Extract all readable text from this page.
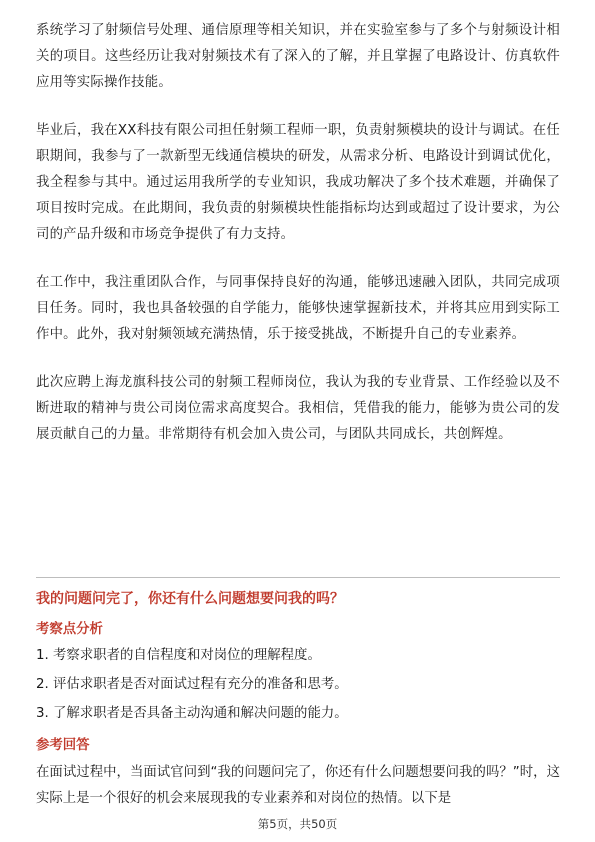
系统学习了射频信号处理、通信原理等相关知识，并在实验室参与了多个与射频设计相关的项目。这些经历让我对射频技术有了深入的了解，并且掌握了电路设计、仿真软件应用等实际操作技能。

毕业后，我在XX科技有限公司担任射频工程师一职，负责射频模块的设计与调试。在任职期间，我参与了一款新型无线通信模块的研发，从需求分析、电路设计到调试优化，我全程参与其中。通过运用我所学的专业知识，我成功解决了多个技术难题，并确保了项目按时完成。在此期间，我负责的射频模块性能指标均达到或超过了设计要求，为公司的产品升级和市场竞争提供了有力支持。

在工作中，我注重团队合作，与同事保持良好的沟通，能够迅速融入团队，共同完成项目任务。同时，我也具备较强的自学能力，能够快速掌握新技术，并将其应用到实际工作中。此外，我对射频领域充满热情，乐于接受挑战，不断提升自己的专业素养。

此次应聘上海龙旗科技公司的射频工程师岗位，我认为我的专业背景、工作经验以及不断进取的精神与贵公司岗位需求高度契合。我相信，凭借我的能力，能够为贵公司的发展贡献自己的力量。非常期待有机会加入贵公司，与团队共同成长，共创辉煌。

我的问题问完了，你还有什么问题想要问我的吗？
考察点分析
1. 考察求职者的自信程度和对岗位的理解程度。
2. 评估求职者是否对面试过程有充分的准备和思考。
3. 了解求职者是否具备主动沟通和解决问题的能力。
参考回答

在面试过程中，当面试官问到“我的问题问完了，你还有什么问题想要问我的吗？”时，这实际上是一个很好的机会来展现我的专业素养和对岗位的热情。以下是

第5页，共50页
